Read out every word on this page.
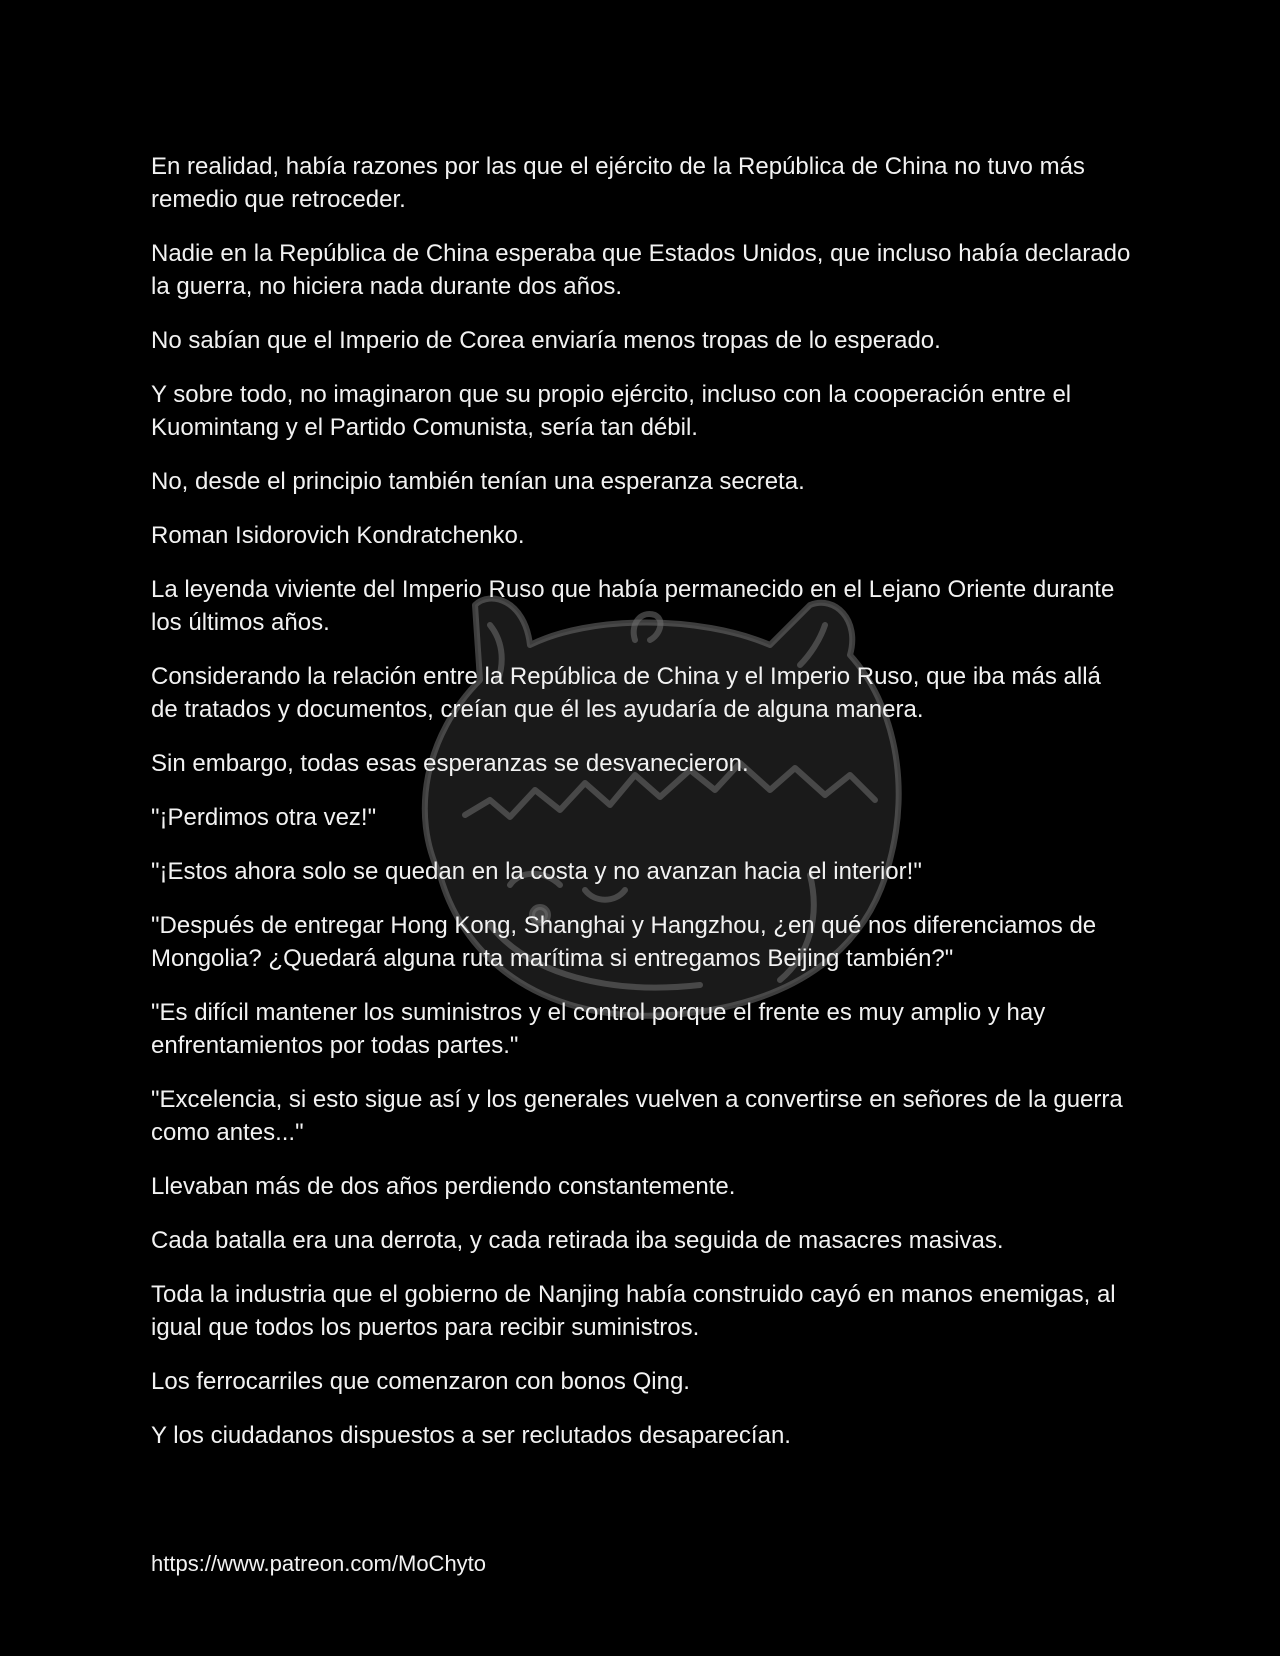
En realidad, había razones por las que el ejército de la República de China no tuvo más remedio que retroceder.

Nadie en la República de China esperaba que Estados Unidos, que incluso había declarado la guerra, no hiciera nada durante dos años.

No sabían que el Imperio de Corea enviaría menos tropas de lo esperado.

Y sobre todo, no imaginaron que su propio ejército, incluso con la cooperación entre el Kuomintang y el Partido Comunista, sería tan débil.

No, desde el principio también tenían una esperanza secreta.

Roman Isidorovich Kondratchenko.

La leyenda viviente del Imperio Ruso que había permanecido en el Lejano Oriente durante los últimos años.

Considerando la relación entre la República de China y el Imperio Ruso, que iba más allá de tratados y documentos, creían que él les ayudaría de alguna manera.

Sin embargo, todas esas esperanzas se desvanecieron.

"¡Perdimos otra vez!"

"¡Estos ahora solo se quedan en la costa y no avanzan hacia el interior!"

"Después de entregar Hong Kong, Shanghai y Hangzhou, ¿en qué nos diferenciamos de Mongolia? ¿Quedará alguna ruta marítima si entregamos Beijing también?"

"Es difícil mantener los suministros y el control porque el frente es muy amplio y hay enfrentamientos por todas partes."

"Excelencia, si esto sigue así y los generales vuelven a convertirse en señores de la guerra como antes..."

Llevaban más de dos años perdiendo constantemente.

Cada batalla era una derrota, y cada retirada iba seguida de masacres masivas.

Toda la industria que el gobierno de Nanjing había construido cayó en manos enemigas, al igual que todos los puertos para recibir suministros.

Los ferrocarriles que comenzaron con bonos Qing.

Y los ciudadanos dispuestos a ser reclutados desaparecían.

https://www.patreon.com/MoChyto
